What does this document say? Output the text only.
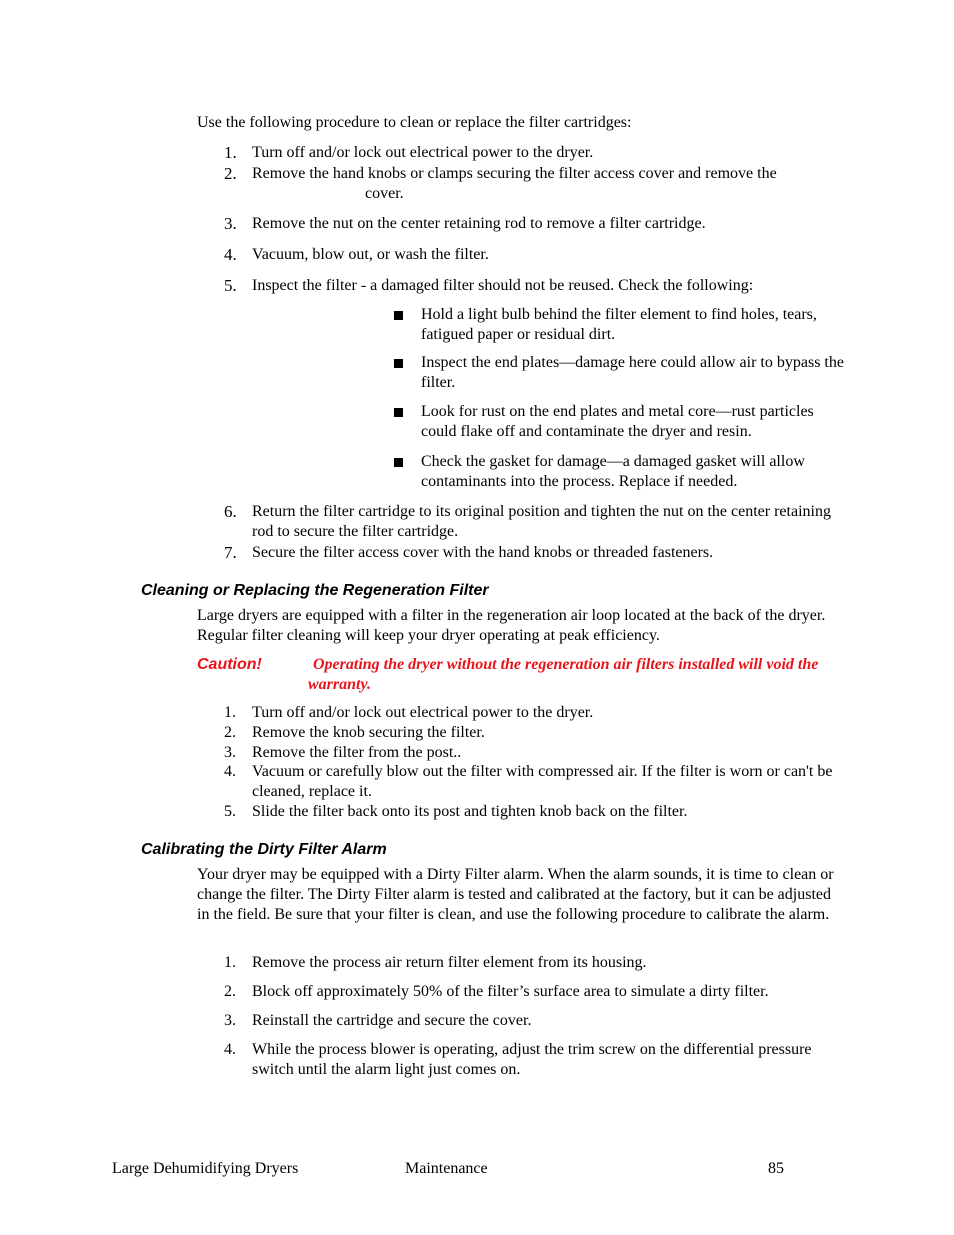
Use the following procedure to clean or replace the filter cartridges:
1. Turn off and/or lock out electrical power to the dryer.
2. Remove the hand knobs or clamps securing the filter access cover and remove the
cover.
3. Remove the nut on the center retaining rod to remove a filter cartridge.
4. Vacuum, blow out, or wash the filter.
5. Inspect the filter - a damaged filter should not be reused. Check the following:
Hold a light bulb behind the filter element to find holes, tears, fatigued paper or residual dirt.
Inspect the end plates—damage here could allow air to bypass the filter.
Look for rust on the end plates and metal core—rust particles could flake off and contaminate the dryer and resin.
Check the gasket for damage—a damaged gasket will allow contaminants into the process. Replace if needed.
6. Return the filter cartridge to its original position and tighten the nut on the center retaining rod to secure the filter cartridge.
7. Secure the filter access cover with the hand knobs or threaded fasteners.
Cleaning or Replacing the Regeneration Filter
Large dryers are equipped with a filter in the regeneration air loop located at the back of the dryer. Regular filter cleaning will keep your dryer operating at peak efficiency.
Caution!	Operating the dryer without the regeneration air filters installed will void the warranty.
1.	Turn off and/or lock out electrical power to the dryer.
2.	Remove the knob securing the filter.
3.	Remove the filter from the post..
4.	Vacuum or carefully blow out the filter with compressed air. If the filter is worn or can't be cleaned, replace it.
5.	Slide the filter back onto its post and tighten knob back on the filter.
Calibrating the Dirty Filter Alarm
Your dryer may be equipped with a Dirty Filter alarm. When the alarm sounds, it is time to clean or change the filter. The Dirty Filter alarm is tested and calibrated at the factory, but it can be adjusted in the field. Be sure that your filter is clean, and use the following procedure to calibrate the alarm.
1.	Remove the process air return filter element from its housing.
2.	Block off approximately 50% of the filter’s surface area to simulate a dirty filter.
3.	Reinstall the cartridge and secure the cover.
4.	While the process blower is operating, adjust the trim screw on the differential pressure switch until the alarm light just comes on.
Large Dehumidifying Dryers	Maintenance	85
